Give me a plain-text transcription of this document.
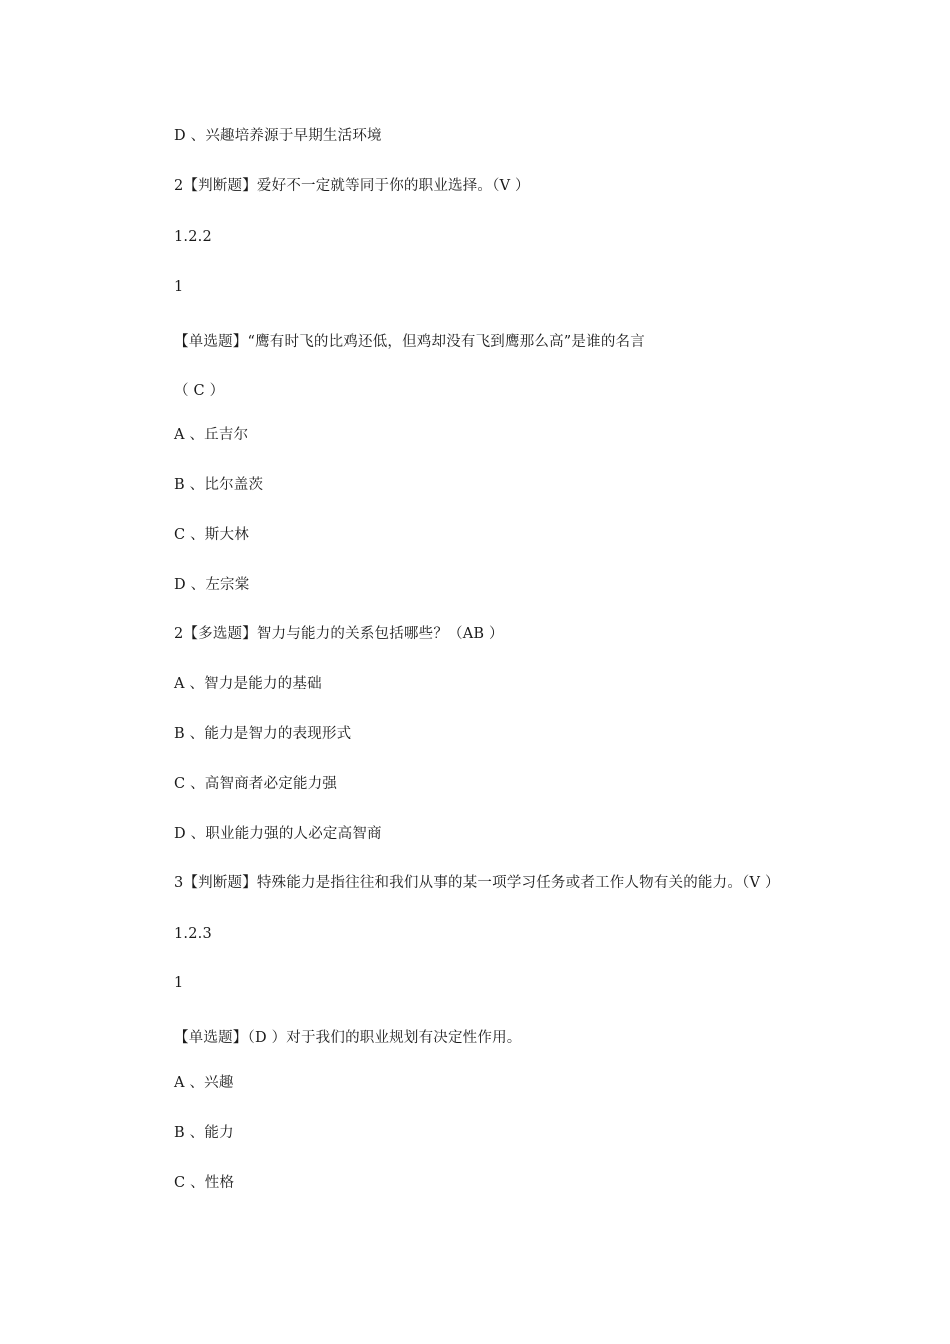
D 、兴趣培养源于早期生活环境
2【判断题】爱好不一定就等同于你的职业选择。（V ）
1.2.2
1
【单选题】“鹰有时飞的比鸡还低，但鸡却没有飞到鹰那么高”是谁的名言
（ C ）
A 、丘吉尔
B 、比尔盖茨
C 、斯大林
D 、左宗棠
2【多选题】智力与能力的关系包括哪些？（AB ）
A 、智力是能力的基础
B 、能力是智力的表现形式
C 、高智商者必定能力强
D 、职业能力强的人必定高智商
3【判断题】特殊能力是指往往和我们从事的某一项学习任务或者工作人物有关的能力。（V ）
1.2.3
1
【单选题】（D ）对于我们的职业规划有决定性作用。
A 、兴趣
B 、能力
C 、性格
